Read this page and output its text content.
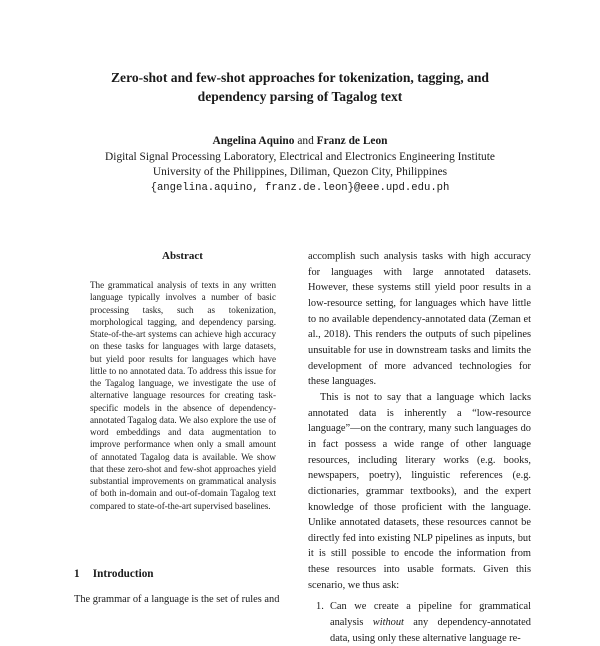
Zero-shot and few-shot approaches for tokenization, tagging, and
dependency parsing of Tagalog text
Angelina Aquino and Franz de Leon
Digital Signal Processing Laboratory, Electrical and Electronics Engineering Institute
University of the Philippines, Diliman, Quezon City, Philippines
{angelina.aquino, franz.de.leon}@eee.upd.edu.ph
Abstract
The grammatical analysis of texts in any written language typically involves a number of basic processing tasks, such as tokenization, morphological tagging, and dependency parsing. State-of-the-art systems can achieve high accuracy on these tasks for languages with large datasets, but yield poor results for languages which have little to no annotated data. To address this issue for the Tagalog language, we investigate the use of alternative language resources for creating task-specific models in the absence of dependency-annotated Tagalog data. We also explore the use of word embeddings and data augmentation to improve performance when only a small amount of annotated Tagalog data is available. We show that these zero-shot and few-shot approaches yield substantial improvements on grammatical analysis of both in-domain and out-of-domain Tagalog text compared to state-of-the-art supervised baselines.
1 Introduction
The grammar of a language is the set of rules and

accomplish such analysis tasks with high accuracy for languages with large annotated datasets. However, these systems still yield poor results in a low-resource setting, for languages which have little to no available dependency-annotated data (Zeman et al., 2018). This renders the outputs of such pipelines unsuitable for use in downstream tasks and limits the development of more advanced technologies for these languages.

This is not to say that a language which lacks annotated data is inherently a “low-resource language”—on the contrary, many such languages do in fact possess a wide range of other language resources, including literary works (e.g. books, newspapers, poetry), linguistic references (e.g. dictionaries, grammar textbooks), and the expert knowledge of those proficient with the language. Unlike annotated datasets, these resources cannot be directly fed into existing NLP pipelines as inputs, but it is still possible to encode the information from these resources into usable formats. Given this scenario, we thus ask:

1. Can we create a pipeline for grammatical analysis without any dependency-annotated data, using only these alternative language re-
